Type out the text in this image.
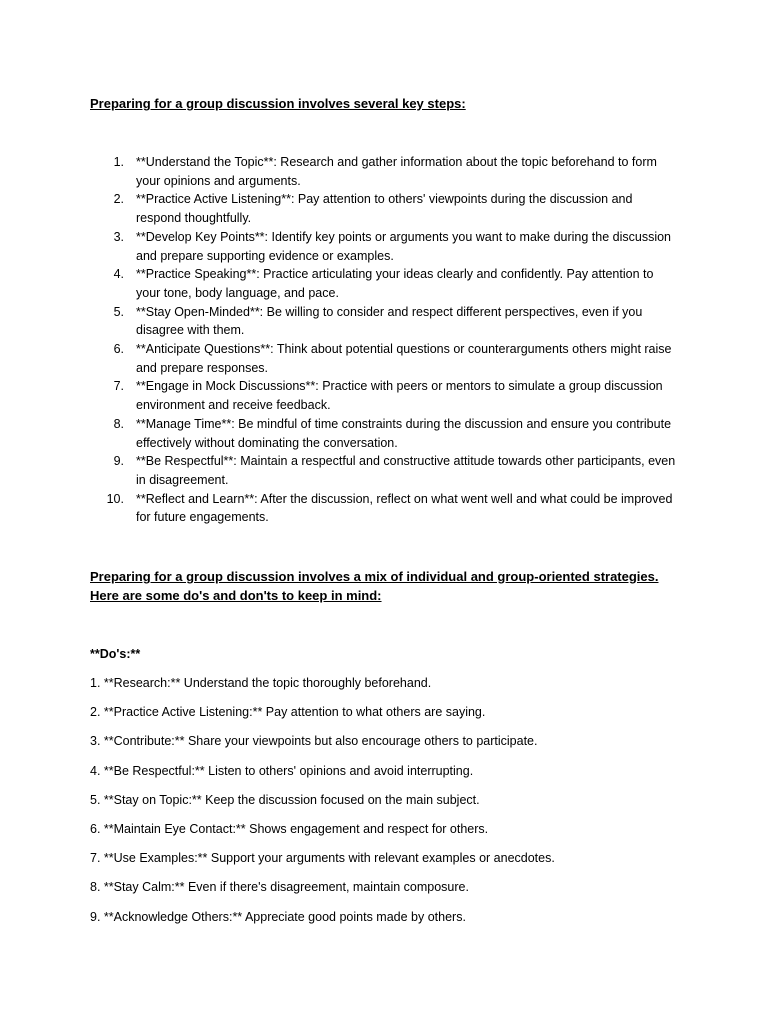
Preparing for a group discussion involves several key steps:
1. **Understand the Topic**: Research and gather information about the topic beforehand to form your opinions and arguments.
2. **Practice Active Listening**: Pay attention to others' viewpoints during the discussion and respond thoughtfully.
3. **Develop Key Points**: Identify key points or arguments you want to make during the discussion and prepare supporting evidence or examples.
4. **Practice Speaking**: Practice articulating your ideas clearly and confidently. Pay attention to your tone, body language, and pace.
5. **Stay Open-Minded**: Be willing to consider and respect different perspectives, even if you disagree with them.
6. **Anticipate Questions**: Think about potential questions or counterarguments others might raise and prepare responses.
7. **Engage in Mock Discussions**: Practice with peers or mentors to simulate a group discussion environment and receive feedback.
8. **Manage Time**: Be mindful of time constraints during the discussion and ensure you contribute effectively without dominating the conversation.
9. **Be Respectful**: Maintain a respectful and constructive attitude towards other participants, even in disagreement.
10. **Reflect and Learn**: After the discussion, reflect on what went well and what could be improved for future engagements.
Preparing for a group discussion involves a mix of individual and group-oriented strategies. Here are some do's and don'ts to keep in mind:
**Do's:**
1. **Research:** Understand the topic thoroughly beforehand.
2. **Practice Active Listening:** Pay attention to what others are saying.
3. **Contribute:** Share your viewpoints but also encourage others to participate.
4. **Be Respectful:** Listen to others' opinions and avoid interrupting.
5. **Stay on Topic:** Keep the discussion focused on the main subject.
6. **Maintain Eye Contact:** Shows engagement and respect for others.
7. **Use Examples:** Support your arguments with relevant examples or anecdotes.
8. **Stay Calm:** Even if there's disagreement, maintain composure.
9. **Acknowledge Others:** Appreciate good points made by others.
